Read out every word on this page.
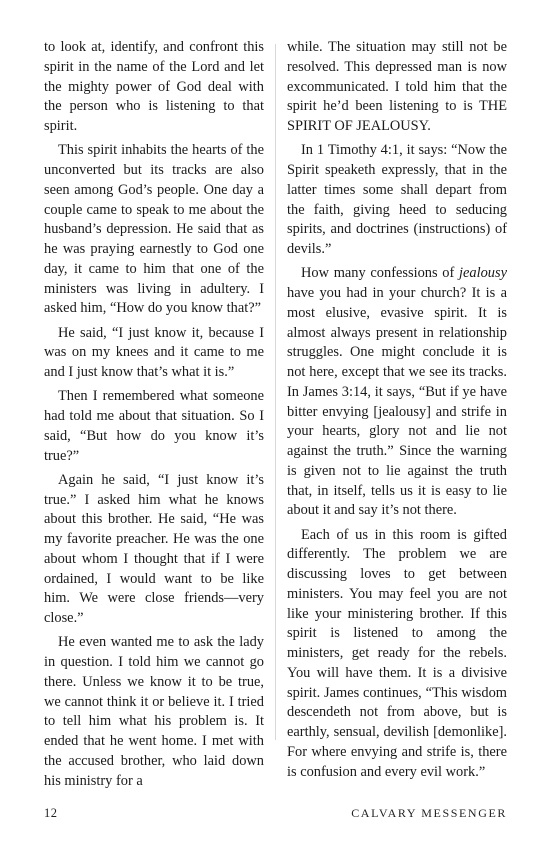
to look at, identify, and confront this spirit in the name of the Lord and let the mighty power of God deal with the person who is listening to that spirit.

This spirit inhabits the hearts of the unconverted but its tracks are also seen among God’s people. One day a couple came to speak to me about the husband’s depression. He said that as he was praying earnestly to God one day, it came to him that one of the ministers was living in adultery. I asked him, “How do you know that?”

He said, “I just know it, because I was on my knees and it came to me and I just know that’s what it is.”

Then I remembered what someone had told me about that situation. So I said, “But how do you know it’s true?”

Again he said, “I just know it’s true.” I asked him what he knows about this brother. He said, “He was my favorite preacher. He was the one about whom I thought that if I were ordained, I would want to be like him. We were close friends—very close.”

He even wanted me to ask the lady in question. I told him we cannot go there. Unless we know it to be true, we cannot think it or believe it. I tried to tell him what his problem is. It ended that he went home. I met with the accused brother, who laid down his ministry for a

while. The situation may still not be resolved. This depressed man is now excommunicated. I told him that the spirit he’d been listening to is THE SPIRIT OF JEALOUSY.

In 1 Timothy 4:1, it says: “Now the Spirit speaketh expressly, that in the latter times some shall depart from the faith, giving heed to seducing spirits, and doctrines (instructions) of devils.”

How many confessions of jealousy have you had in your church? It is a most elusive, evasive spirit. It is almost always present in relationship struggles. One might conclude it is not here, except that we see its tracks. In James 3:14, it says, “But if ye have bitter envying [jealousy] and strife in your hearts, glory not and lie not against the truth.” Since the warning is given not to lie against the truth that, in itself, tells us it is easy to lie about it and say it’s not there.

Each of us in this room is gifted differently. The problem we are discussing loves to get between ministers. You may feel you are not like your ministering brother. If this spirit is listened to among the ministers, get ready for the rebels. You will have them. It is a divisive spirit. James continues, “This wisdom descendeth not from above, but is earthly, sensual, devilish [demonlike]. For where envying and strife is, there is confusion and every evil work.”

12	CALVARY MESSENGER
